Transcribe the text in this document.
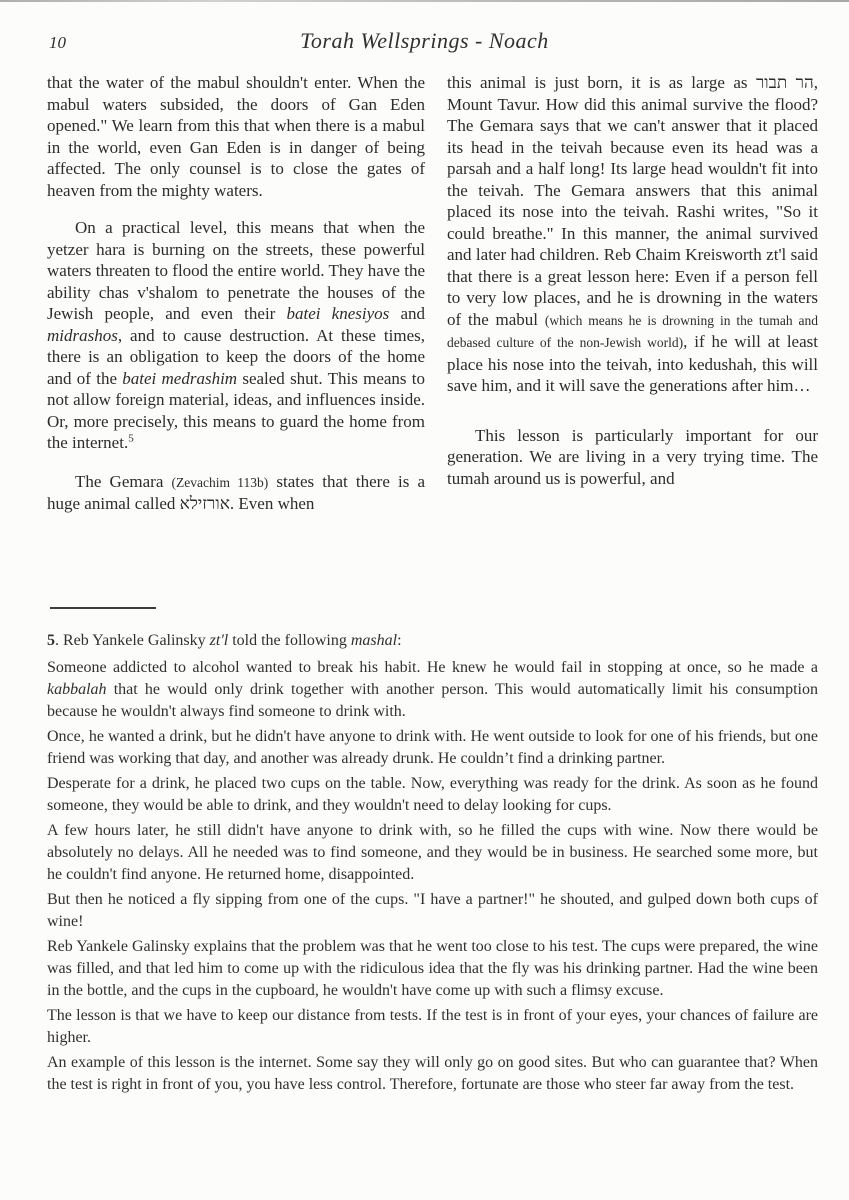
10	Torah Wellsprings - Noach

that the water of the mabul shouldn't enter. When the mabul waters subsided, the doors of Gan Eden opened." We learn from this that when there is a mabul in the world, even Gan Eden is in danger of being affected. The only counsel is to close the gates of heaven from the mighty waters.

On a practical level, this means that when the yetzer hara is burning on the streets, these powerful waters threaten to flood the entire world. They have the ability chas v'shalom to penetrate the houses of the Jewish people, and even their batei knesiyos and midrashos, and to cause destruction. At these times, there is an obligation to keep the doors of the home and of the batei medrashim sealed shut. This means to not allow foreign material, ideas, and influences inside. Or, more precisely, this means to guard the home from the internet.$^5$

The Gemara (Zevachim 113b) states that there is a huge animal called אורזילא. Even when

this animal is just born, it is as large as הר תבור, Mount Tavur. How did this animal survive the flood? The Gemara says that we can't answer that it placed its head in the teivah because even its head was a parsah and a half long! Its large head wouldn't fit into the teivah. The Gemara answers that this animal placed its nose into the teivah. Rashi writes, "So it could breathe." In this manner, the animal survived and later had children. Reb Chaim Kreisworth zt'l said that there is a great lesson here: Even if a person fell to very low places, and he is drowning in the waters of the mabul (which means he is drowning in the tumah and debased culture of the non-Jewish world), if he will at least place his nose into the teivah, into kedushah, this will save him, and it will save the generations after him…

This lesson is particularly important for our generation. We are living in a very trying time. The tumah around us is powerful, and

5. Reb Yankele Galinsky zt'l told the following mashal:

Someone addicted to alcohol wanted to break his habit. He knew he would fail in stopping at once, so he made a kabbalah that he would only drink together with another person. This would automatically limit his consumption because he wouldn't always find someone to drink with.

Once, he wanted a drink, but he didn't have anyone to drink with. He went outside to look for one of his friends, but one friend was working that day, and another was already drunk. He couldn’t find a drinking partner.

Desperate for a drink, he placed two cups on the table. Now, everything was ready for the drink. As soon as he found someone, they would be able to drink, and they wouldn't need to delay looking for cups.

A few hours later, he still didn't have anyone to drink with, so he filled the cups with wine. Now there would be absolutely no delays. All he needed was to find someone, and they would be in business. He searched some more, but he couldn't find anyone. He returned home, disappointed.

But then he noticed a fly sipping from one of the cups. "I have a partner!" he shouted, and gulped down both cups of wine!

Reb Yankele Galinsky explains that the problem was that he went too close to his test. The cups were prepared, the wine was filled, and that led him to come up with the ridiculous idea that the fly was his drinking partner. Had the wine been in the bottle, and the cups in the cupboard, he wouldn't have come up with such a flimsy excuse.

The lesson is that we have to keep our distance from tests. If the test is in front of your eyes, your chances of failure are higher.

An example of this lesson is the internet. Some say they will only go on good sites. But who can guarantee that? When the test is right in front of you, you have less control. Therefore, fortunate are those who steer far away from the test.
